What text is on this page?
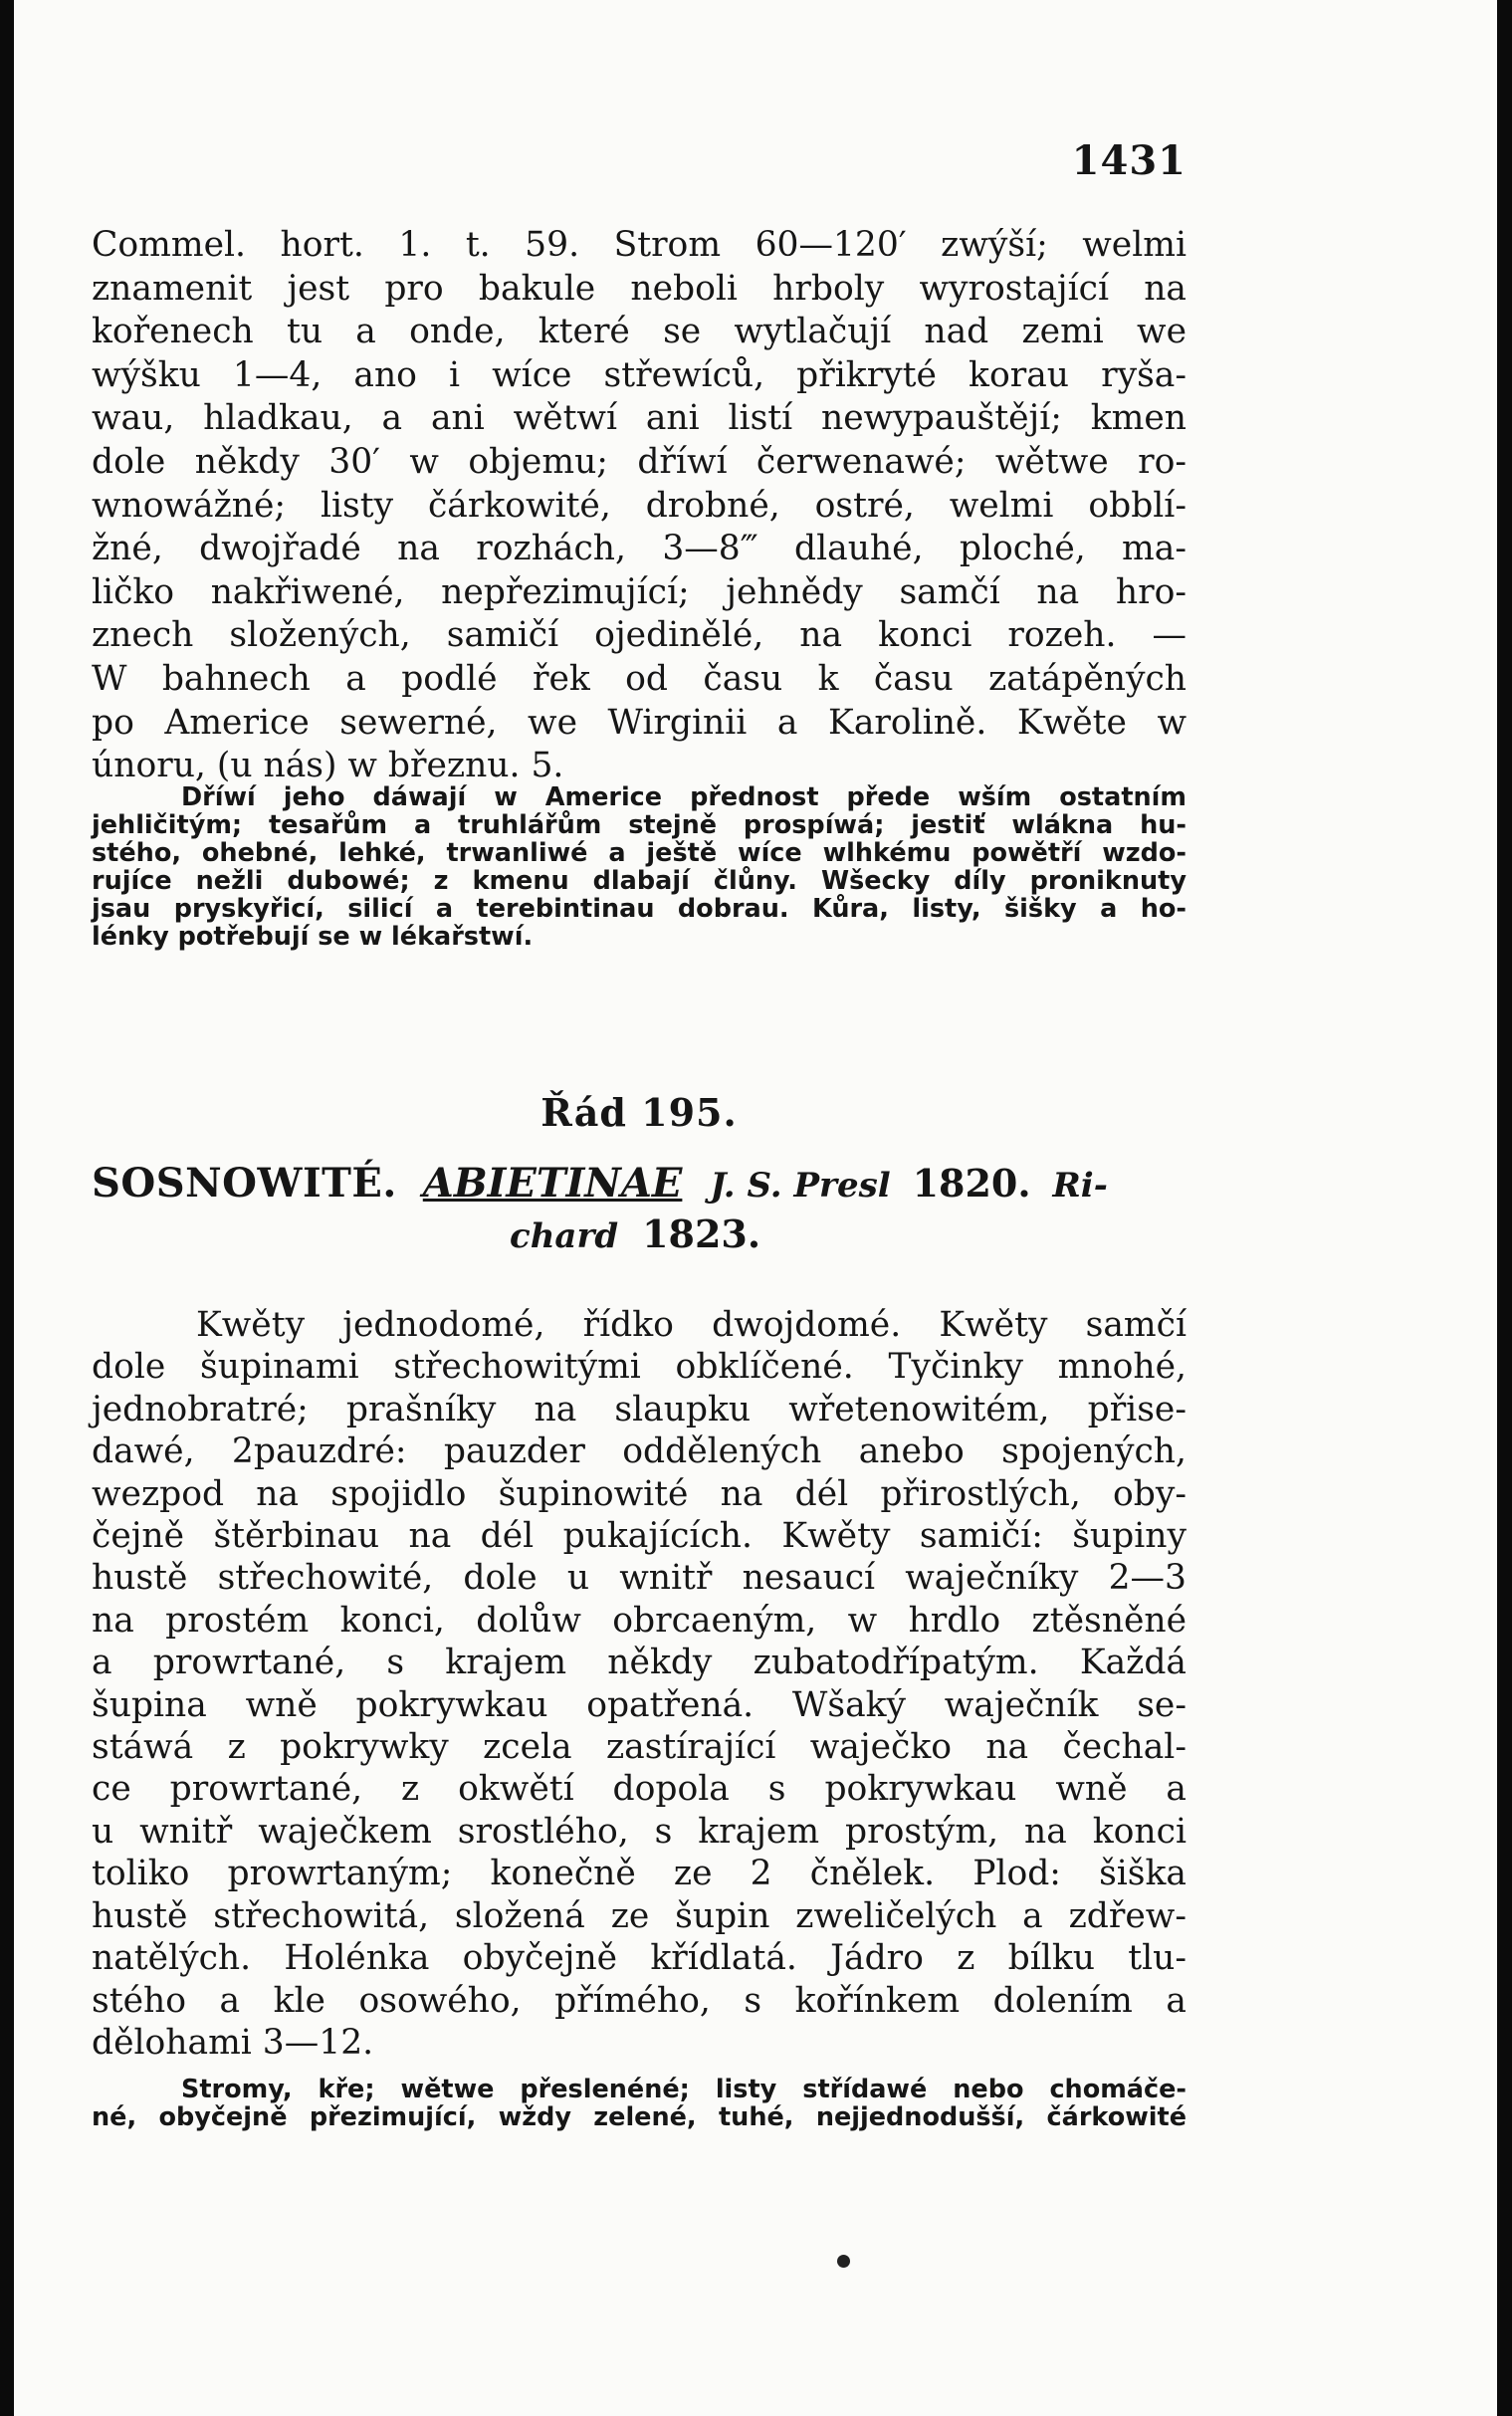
1431
Commel. hort. 1. t. 59. Strom 60—120′ zwýší; welmi
znamenit jest pro bakule neboli hrboly wyrostající na
kořenech tu a onde, které se wytlačují nad zemi we
wýšku 1—4, ano i wíce střewíců, přikryté korau ryša-
wau, hladkau, a ani wětwí ani listí newypauštějí; kmen
dole někdy 30′ w objemu; dříwí čerwenawé; wětwe ro-
wnowážné; listy čárkowité, drobné, ostré, welmi obblí-
žné, dwojřadé na rozhách, 3—8‴ dlauhé, ploché, ma-
ličko nakřiwené, nepřezimující; jehnědy samčí na hro-
znech složených, samičí ojedinělé, na konci rozeh. —
W bahnech a podlé řek od času k času zatápěných
po Americe sewerné, we Wirginii a Karolině. Kwěte w
únoru, (u nás) w březnu. 5.
Dříwí jeho dáwají w Americe přednost přede wším ostatním
jehličitým; tesařům a truhlářům stejně prospíwá; jestiť wlákna hu-
stého, ohebné, lehké, trwanliwé a ještě wíce wlhkému powětří wzdo-
rujíce nežli dubowé; z kmenu dlabají člůny. Wšecky díly proniknuty
jsau pryskyřicí, silicí a terebintinau dobrau. Kůra, listy, šišky a ho-
lénky potřebují se w lékařstwí.
Řád 195.
SOSNOWITÉ. ABIETINAE J. S. Presl 1820. Ri-
chard 1823.
Kwěty jednodomé, řídko dwojdomé. Kwěty samčí
dole šupinami střechowitými obklíčené. Tyčinky mnohé,
jednobratré; prašníky na slaupku wřetenowitém, přise-
dawé, 2pauzdré: pauzder oddělených anebo spojených,
wezpod na spojidlo šupinowité na dél přirostlých, oby-
čejně štěrbinau na dél pukajících. Kwěty samičí: šupiny
hustě střechowité, dole u wnitř nesaucí waječníky 2—3
na prostém konci, dolůw obrcaeným, w hrdlo ztěsněné
a prowrtané, s krajem někdy zubatodřípatým. Každá
šupina wně pokrywkau opatřená. Wšaký waječník se-
stáwá z pokrywky zcela zastírající waječko na čechal-
ce prowrtané, z okwětí dopola s pokrywkau wně a
u wnitř waječkem srostlého, s krajem prostým, na konci
toliko prowrtaným; konečně ze 2 čnělek. Plod: šiška
hustě střechowitá, složená ze šupin zweličelých a zdřew-
natělých. Holénka obyčejně křídlatá. Jádro z bílku tlu-
stého a kle osowého, přímého, s kořínkem dolením a
dělohami 3—12.
Stromy, kře; wětwe přeslenéné; listy střídawé nebo chomáče-
né, obyčejně přezimující, wždy zelené, tuhé, nejjednodušší, čárkowité
